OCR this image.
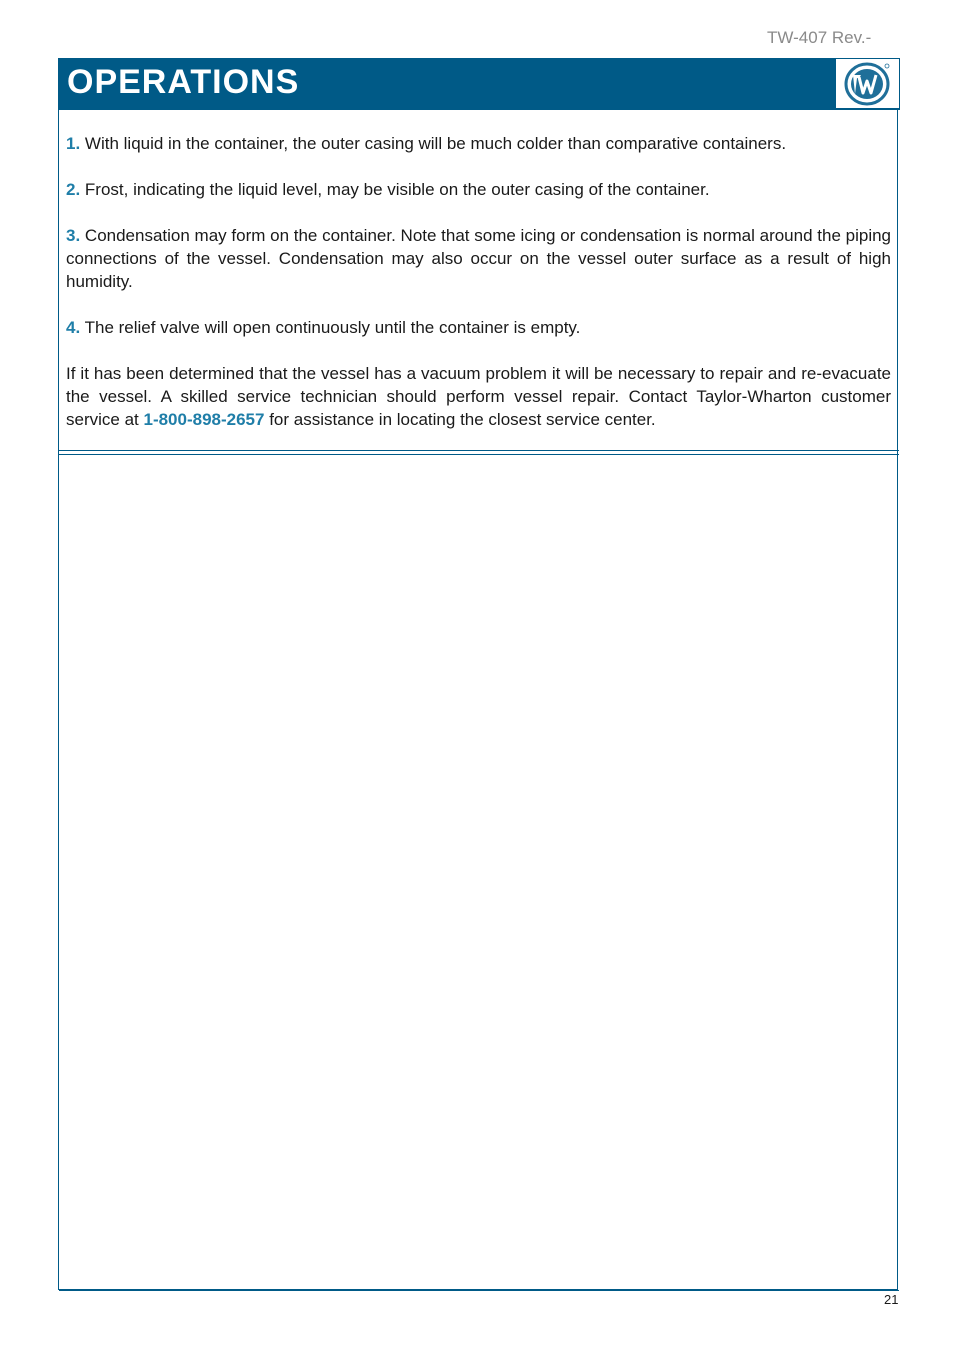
TW-407 Rev.-
OPERATIONS

1. With liquid in the container, the outer casing will be much colder than comparative containers.

2. Frost, indicating the liquid level, may be visible on the outer casing of the container.

3. Condensation may form on the container. Note that some icing or condensation is normal around the piping connections of the vessel. Condensation may also occur on the vessel outer surface as a result of high humidity.

4. The relief valve will open continuously until the container is empty.

If it has been determined that the vessel has a vacuum problem it will be necessary to repair and re-evacuate the vessel. A skilled service technician should perform vessel repair. Contact Taylor-Wharton customer service at 1-800-898-2657 for assistance in locating the closest service center.

21
